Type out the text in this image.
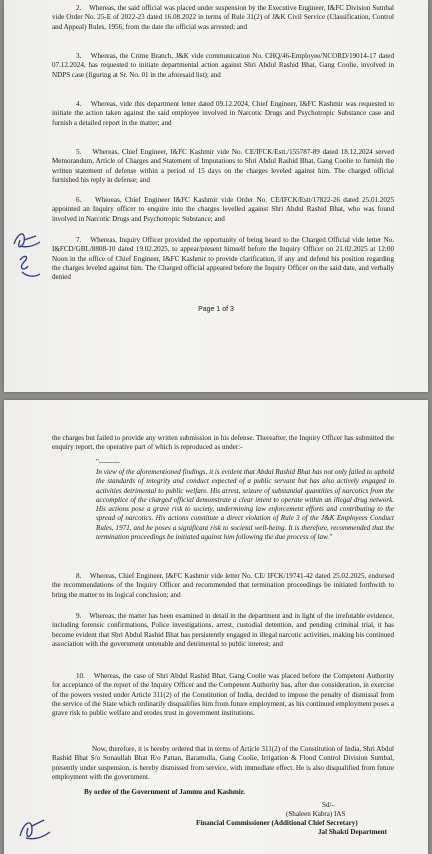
2. Whereas, the said official was placed under suspension by the Executive Engineer, I&FC Division Sumbal vide Order No. 25-E of 2022-23 dated 16.08.2022 in terms of Rule 31(2) of J&K Civil Service (Classification, Control and Appeal) Rules, 1956, from the date the official was arrested; and

3. Whereas, the Crime Branch, J&K vide communication No. CHQ/46-Employee/NCORD/19014-17 dated 07.12.2024, has requested to initiate departmental action against Shri Abdul Rashid Bhat, Gang Coolie, involved in NDPS case (figuring at Sr. No. 01 in the aforesaid list); and

4. Whereas, vide this department letter dated 09.12.2024, Chief Engineer, I&FC Kashmir was requested to initiate the action taken against the said employee involved in Narcotic Drugs and Psychotropic Substance case and furnish a detailed report in the matter; and

5. Whereas, Chief Engineer, I&FC Kashmir vide No. CE/IFCK/Estt./155787-89 dated 18.12.2024 served Memorandum, Article of Charges and Statement of Imputations to Shri Abdul Rashid Bhat, Gang Coolie to furnish the written statement of defense within a period of 15 days on the charges leveled against him. The charged official furnished his reply in defense; and

6. Whereas, Chief Engineer I&FC Kashmir vide Order No. CE/IFCK/Estt/17822-26 dated 25.01.2025 appointed an Inquiry officer to enquire into the charges levelled against Shri Abdul Rashid Bhat, who was found involved in Narcotic Drugs and Psychotropic Substance; and

7. Whereas, Inquiry Officer provided the opportunity of being heard to the Charged Official vide letter No. I&FCD/GBL/8808-10 dated 19.02.2025, to appear/present himself before the Inquiry Officer on 21.02.2025 at 12:00 Noon in the office of Chief Engineer, I&FC Kashmir to provide clarification, if any and defend his position regarding the charges leveled against him. The Charged official appeared before the Inquiry Officer on the said date, and verbally denied

Page 1 of 3

the charges but failed to provide any written submission in his defense. Thereafter, the Inquiry Officer has submitted the enquiry report, the operative part of which is reproduced as under:-

"---------

In view of the aforementioned findings, it is evident that Abdul Rashid Bhat has not only failed to uphold the standards of integrity and conduct expected of a public servant but has also actively engaged in activities detrimental to public welfare. His arrest, seizure of substantial quantities of narcotics from the accomplice of the charged official demonstrate a clear intent to operate within an illegal drug network. His actions pose a grave risk to society, undermining law enforcement efforts and contributing to the spread of narcotics. His actions constitute a direct violation of Rule 3 of the J&K Employees Conduct Rules, 1971, and he poses a significant risk to societal well-being. It is therefore, recommended that the termination proceedings be initiated against him following the due process of law."

8. Whereas, Chief Engineer, I&FC Kashmir vide letter No. CE/ IFCK/19741-42 dated 25.02.2025, endorsed the recommendations of the Inquiry Officer and recommended that termination proceedings be initiated forthwith to bring the matter to its logical conclusion; and

9. Whereas, the matter has been examined in detail in the department and in light of the irrefutable evidence, including forensic confirmations, Police investigations, arrest, custodial detention, and pending criminal trial, it has become evident that Shri Abdul Rashid Bhat has persistently engaged in illegal narcotic activities, making his continued association with the government untenable and detrimental to public interest; and

10. Whereas, the case of Shri Abdul Rashid Bhat, Gang Coolie was placed before the Competent Authority for acceptance of the report of the Inquiry Officer and the Competent Authority has, after due consideration, in exercise of the powers vested under Article 311(2) of the Constitution of India, decided to impose the penalty of dismissal from the service of the State which ordinarily disqualifies him from future employment, as his continued employment poses a grave risk to public welfare and erodes trust in government institutions.

Now, therefore, it is hereby ordered that in terms of Article 311(2) of the Constitution of India, Shri Abdul Rashid Bhat S/o Sonaullah Bhat R/o Pattan, Baramulla, Gang Coolie, Irrigation & Flood Control Division Sumbal, presently under suspension, is hereby dismissed from service, with immediate effect. He is also disqualified from future employment with the government.

By order of the Government of Jammu and Kashmir.

Sd/-

(Shaleen Kabra) IAS

Financial Commissioner (Additional Chief Secretary)

Jal Shakti Department
